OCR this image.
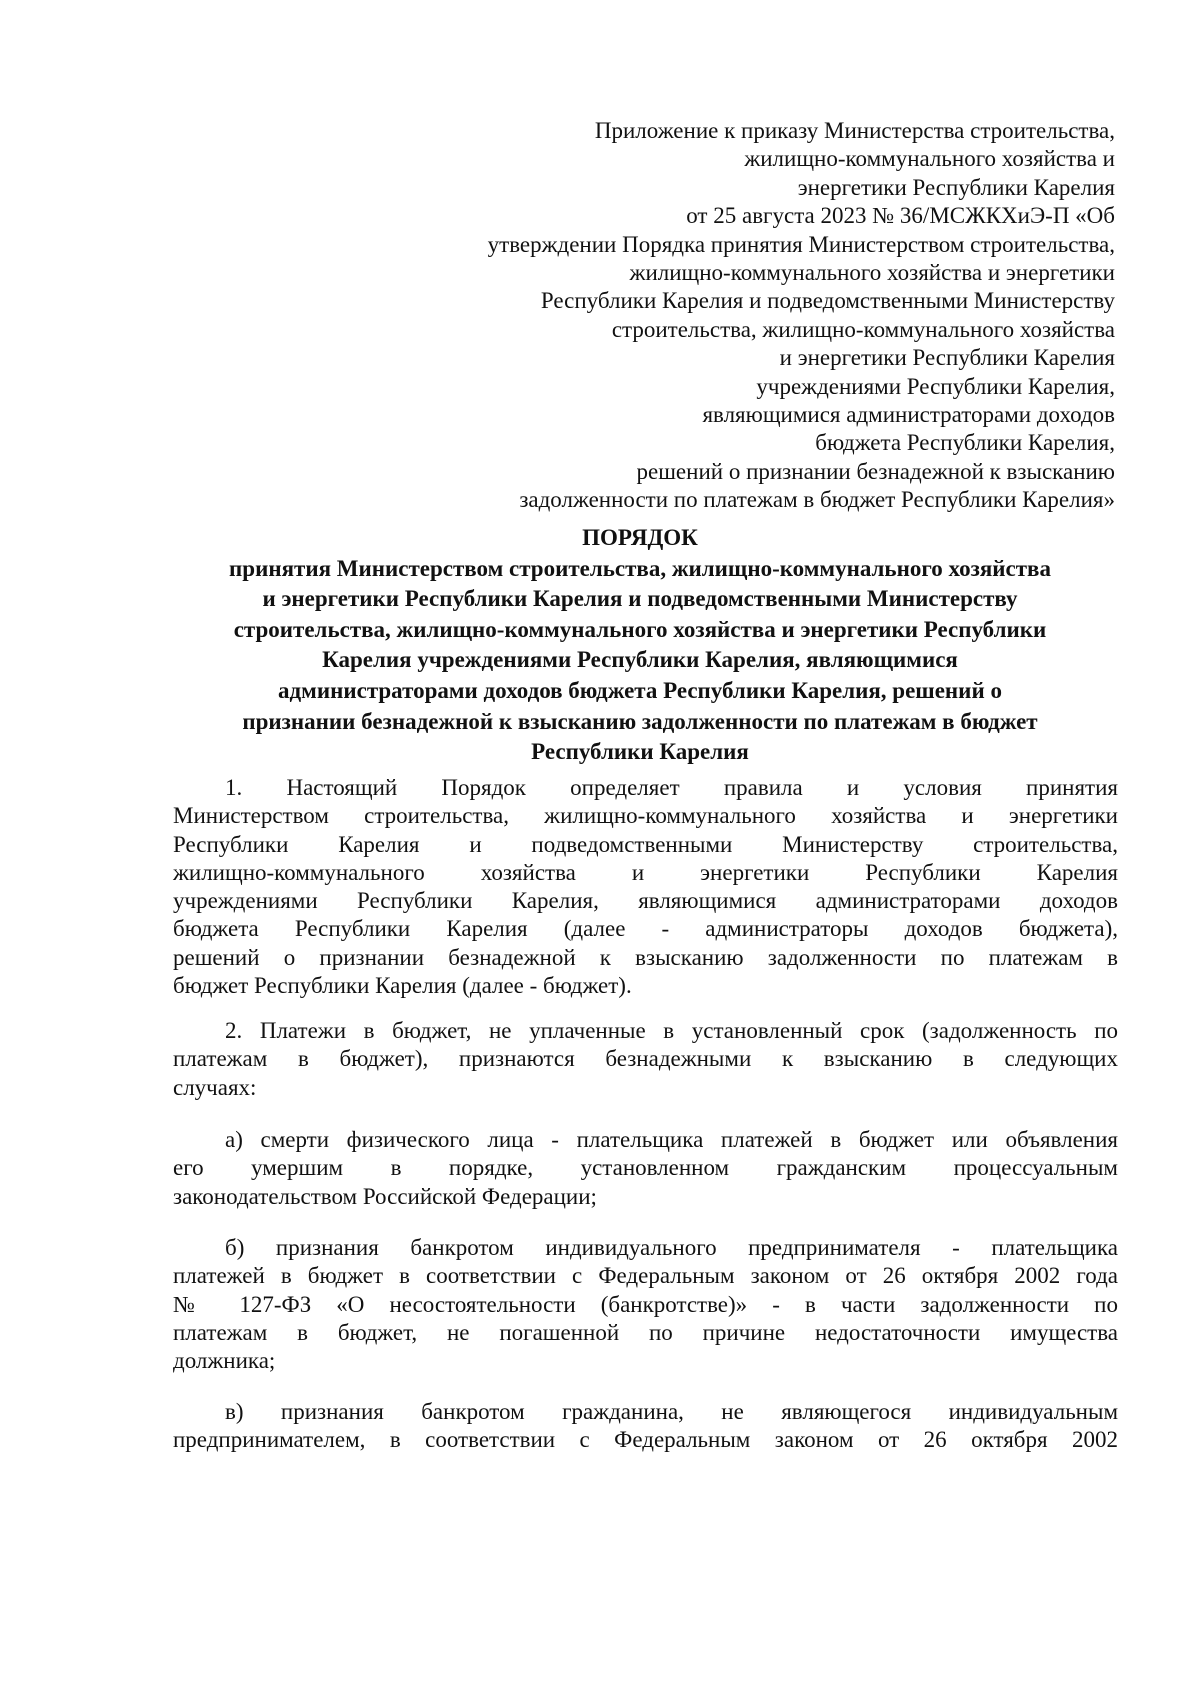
Приложение к приказу Министерства строительства,
жилищно-коммунального хозяйства и
энергетики Республики Карелия
от 25 августа 2023 № 36/МСЖКХиЭ-П «Об
утверждении Порядка принятия Министерством строительства,
жилищно-коммунального хозяйства и энергетики
Республики Карелия и подведомственными Министерству
строительства, жилищно-коммунального хозяйства
и энергетики Республики Карелия
учреждениями Республики Карелия,
являющимися администраторами доходов
бюджета Республики Карелия,
решений о признании безнадежной к взысканию
задолженности по платежам в бюджет Республики Карелия»
ПОРЯДОК
принятия Министерством строительства, жилищно-коммунального хозяйства
и энергетики Республики Карелия и подведомственными Министерству
строительства, жилищно-коммунального хозяйства и энергетики Республики
Карелия учреждениями Республики Карелия, являющимися
администраторами доходов бюджета Республики Карелия, решений о
признании безнадежной к взысканию задолженности по платежам в бюджет
Республики Карелия
1. Настоящий Порядок определяет правила и условия принятия
Министерством строительства, жилищно-коммунального хозяйства и энергетики
Республики Карелия и подведомственными Министерству строительства,
жилищно-коммунального хозяйства и энергетики Республики Карелия
учреждениями Республики Карелия, являющимися администраторами доходов
бюджета Республики Карелия (далее - администраторы доходов бюджета),
решений о признании безнадежной к взысканию задолженности по платежам в
бюджет Республики Карелия (далее - бюджет).
2. Платежи в бюджет, не уплаченные в установленный срок (задолженность по
платежам в бюджет), признаются безнадежными к взысканию в следующих
случаях:
а) смерти физического лица - плательщика платежей в бюджет или объявления
его умершим в порядке, установленном гражданским процессуальным
законодательством Российской Федерации;
б) признания банкротом индивидуального предпринимателя - плательщика
платежей в бюджет в соответствии с Федеральным законом от 26 октября 2002 года
№ 127-ФЗ «О несостоятельности (банкротстве)» - в части задолженности по
платежам в бюджет, не погашенной по причине недостаточности имущества
должника;
в) признания банкротом гражданина, не являющегося индивидуальным
предпринимателем, в соответствии с Федеральным законом от 26 октября 2002
